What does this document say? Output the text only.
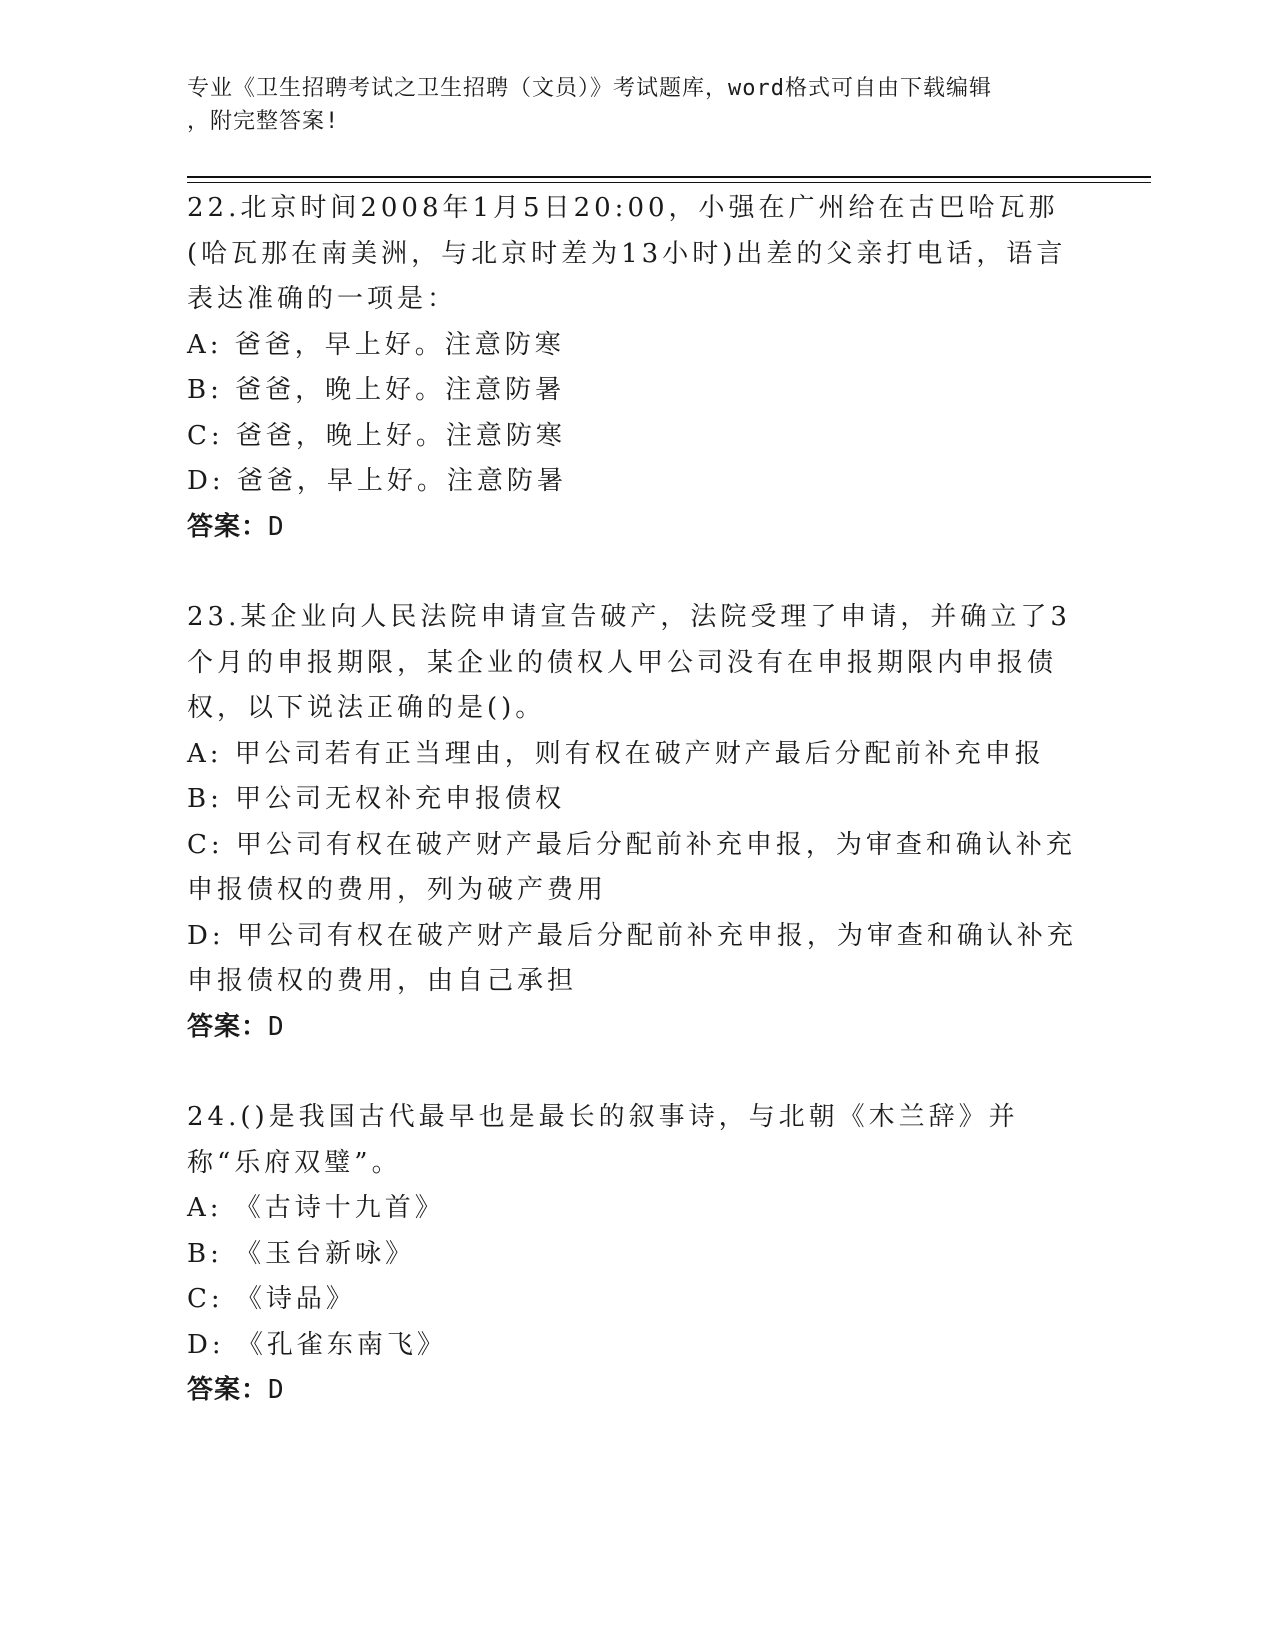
专业《卫生招聘考试之卫生招聘（文员）》考试题库，word格式可自由下载编辑
，附完整答案!

22.北京时间2008年1月5日20:00，小强在广州给在古巴哈瓦那(哈瓦那在南美洲，与北京时差为13小时)出差的父亲打电话，语言表达准确的一项是：

A: 爸爸，早上好。注意防寒

B: 爸爸，晚上好。注意防暑

C: 爸爸，晚上好。注意防寒

D: 爸爸，早上好。注意防暑

答案：D

23.某企业向人民法院申请宣告破产，法院受理了申请，并确立了3个月的申报期限，某企业的债权人甲公司没有在申报期限内申报债权，以下说法正确的是()。

A: 甲公司若有正当理由，则有权在破产财产最后分配前补充申报

B: 甲公司无权补充申报债权

C: 甲公司有权在破产财产最后分配前补充申报，为审查和确认补充申报债权的费用，列为破产费用

D: 甲公司有权在破产财产最后分配前补充申报，为审查和确认补充申报债权的费用，由自己承担

答案：D

24.()是我国古代最早也是最长的叙事诗，与北朝《木兰辞》并称“乐府双璧”。

A: 《古诗十九首》

B: 《玉台新咏》

C: 《诗品》

D: 《孔雀东南飞》

答案：D
